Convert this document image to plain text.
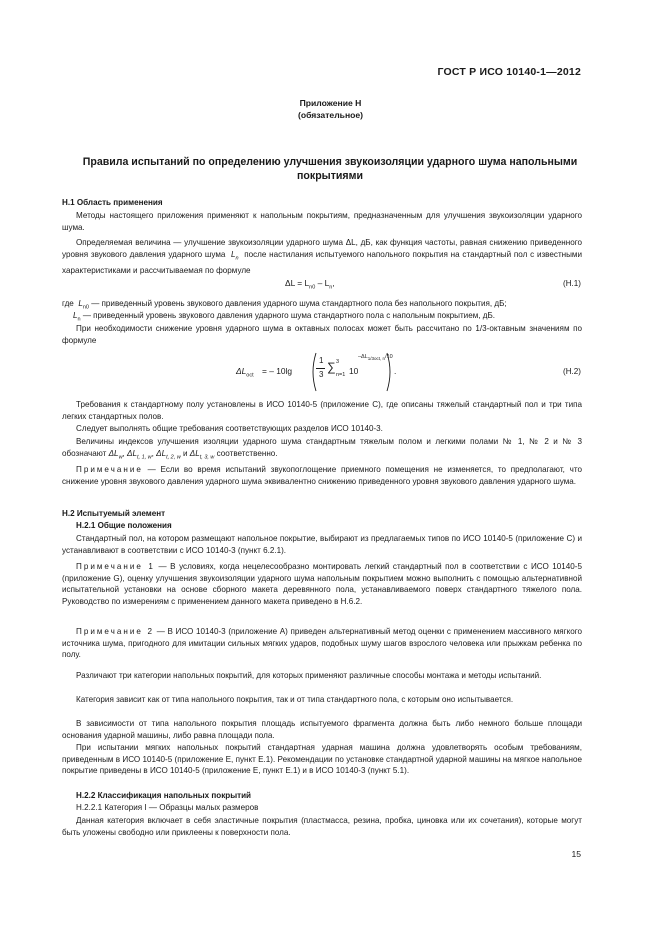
ГОСТ Р ИСО 10140-1—2012
Приложение Н
(обязательное)
Правила испытаний по определению улучшения звукоизоляции ударного шума напольными покрытиями
Н.1 Область применения
Методы настоящего приложения применяют к напольным покрытиям, предназначенным для улучшения звукоизоляции ударного шума.
Определяемая величина — улучшение звукоизоляции ударного шума ΔL, дБ, как функция частоты, равная снижению приведенного уровня звукового давления ударного шума  $L_n$ после настилания испытуемого напольного покрытия на стандартный пол с известными характеристиками и рассчитываемая по формуле
$\Delta L = L_{n0} - L_n$,	(Н.1)
где $L_{n0}$ — приведенный уровень звукового давления ударного шума стандартного пола без напольного покрытия, дБ;
$L_n$ — приведенный уровень звукового давления ударного шума стандартного пола с напольным покрытием, дБ.
При необходимости снижение уровня ударного шума в октавных полосах может быть рассчитано по 1/3-октавным значениям по формуле
$\Delta L_{oct}$ = – 10lg
1
3
∑ 3
n=1 10
$-\Delta L_{1/3oct, n}/10$
.	(Н.2)
Требования к стандартному полу установлены в ИСО 10140-5 (приложение С), где описаны тяжелый стандартный пол и три типа легких стандартных полов.
Следует выполнять общие требования соответствующих разделов ИСО 10140-3.
Величины индексов улучшения изоляции ударного шума стандартным тяжелым полом и легкими полами № 1, № 2 и № 3 обозначают $\Delta L_w$, $\Delta L_{t, 1, w}$, $\Delta L_{t, 2, w}$ и $\Delta L_{t, 3, w}$ соответственно.
Примечание — Если во время испытаний звукопоглощение приемного помещения не изменяется, то предполагают, что снижение уровня звукового давления ударного шума эквивалентно снижению приведенного уровня звукового давления ударного шума.
Н.2 Испытуемый элемент
Н.2.1 Общие положения
Стандартный пол, на котором размещают напольное покрытие, выбирают из предлагаемых типов по ИСО 10140-5 (приложение С) и устанавливают в соответствии с ИСО 10140-3 (пункт 6.2.1).
Примечание 1 — В условиях, когда нецелесообразно монтировать легкий стандартный пол в соответствии с ИСО 10140-5 (приложение G), оценку улучшения звукоизоляции ударного шума напольным покрытием можно выполнить с помощью альтернативной испытательной установки на основе сборного макета деревянного пола, устанавливаемого поверх стандартного тяжелого пола. Руководство по измерениям с применением данного макета приведено в Н.6.2.
Примечание 2 — В ИСО 10140-3 (приложение А) приведен альтернативный метод оценки с применением массивного мягкого источника шума, пригодного для имитации сильных мягких ударов, подобных шуму шагов взрослого человека или прыжкам ребенка по полу.
Различают три категории напольных покрытий, для которых применяют различные способы монтажа и методы испытаний.
Категория зависит как от типа напольного покрытия, так и от типа стандартного пола, с которым оно испытывается.
В зависимости от типа напольного покрытия площадь испытуемого фрагмента должна быть либо немного больше площади основания ударной машины, либо равна площади пола.
При испытании мягких напольных покрытий стандартная ударная машина должна удовлетворять особым требованиям, приведенным в ИСО 10140-5 (приложение Е, пункт Е.1). Рекомендации по установке стандартной ударной машины на мягкое напольное покрытие приведены в ИСО 10140-5 (приложение Е, пункт Е.1) и в ИСО 10140-3 (пункт 5.1).
Н.2.2 Классификация напольных покрытий
Н.2.2.1 Категория I — Образцы малых размеров
Данная категория включает в себя эластичные покрытия (пластмасса, резина, пробка, циновка или их сочетания), которые могут быть уложены свободно или приклеены к поверхности пола.
15
